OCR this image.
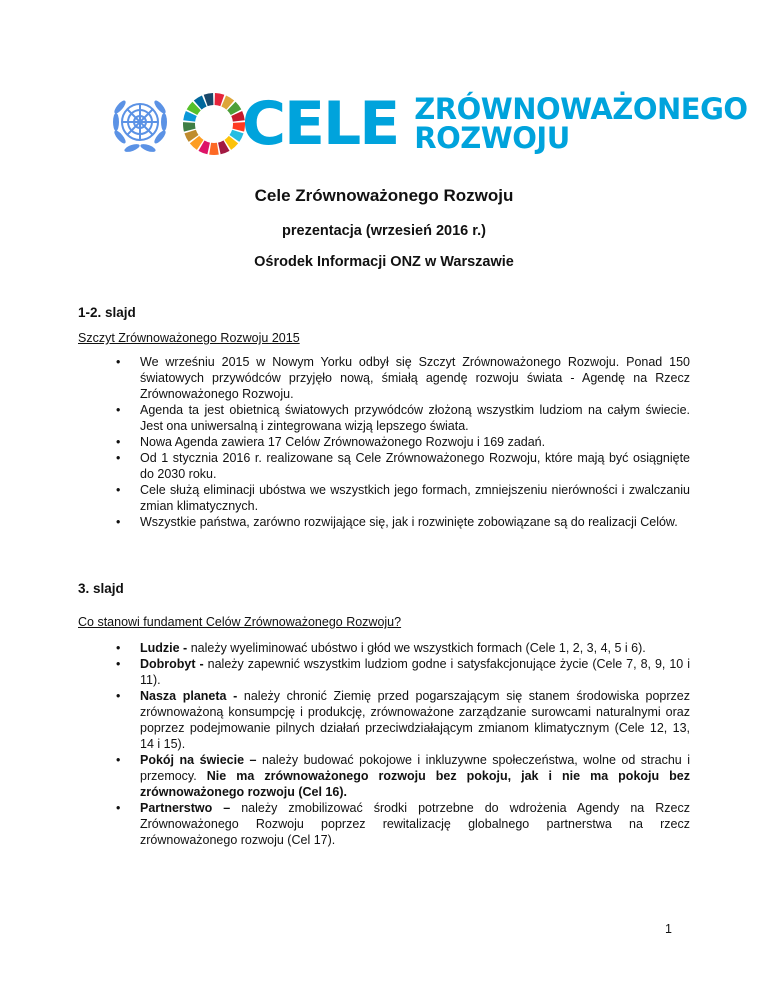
CELE ZRÓWNOWAŻONEGO
ROZWOJU
Cele Zrównoważonego Rozwoju
prezentacja (wrzesień 2016 r.)
Ośrodek Informacji ONZ w Warszawie
1-2. slajd
Szczyt Zrównoważonego Rozwoju 2015
• We wrześniu 2015 w Nowym Yorku odbył się Szczyt Zrównoważonego Rozwoju. Ponad 150 światowych przywódców przyjęło nową, śmiałą agendę rozwoju świata - Agendę na Rzecz Zrównoważonego Rozwoju.
• Agenda ta jest obietnicą światowych przywódców złożoną wszystkim ludziom na całym świecie. Jest ona uniwersalną i zintegrowana wizją lepszego świata.
• Nowa Agenda zawiera 17 Celów Zrównoważonego Rozwoju i 169 zadań.
• Od 1 stycznia 2016 r. realizowane są Cele Zrównoważonego Rozwoju, które mają być osiągnięte do 2030 roku.
• Cele służą eliminacji ubóstwa we wszystkich jego formach, zmniejszeniu nierówności i zwalczaniu zmian klimatycznych.
• Wszystkie państwa, zarówno rozwijające się, jak i rozwinięte zobowiązane są do realizacji Celów.
3. slajd
Co stanowi fundament Celów Zrównoważonego Rozwoju?
• Ludzie - należy wyeliminować ubóstwo i głód we wszystkich formach (Cele 1, 2, 3, 4, 5 i 6).
• Dobrobyt - należy zapewnić wszystkim ludziom godne i satysfakcjonujące życie (Cele 7, 8, 9, 10 i 11).
• Nasza planeta - należy chronić Ziemię przed pogarszającym się stanem środowiska poprzez zrównoważoną konsumpcję i produkcję, zrównoważone zarządzanie surowcami naturalnymi oraz poprzez podejmowanie pilnych działań przeciwdziałającym zmianom klimatycznym (Cele 12, 13, 14 i 15).
• Pokój na świecie – należy budować pokojowe i inkluzywne społeczeństwa, wolne od strachu i przemocy. Nie ma zrównoważonego rozwoju bez pokoju, jak i nie ma pokoju bez zrównoważonego rozwoju (Cel 16).
• Partnerstwo – należy zmobilizować środki potrzebne do wdrożenia Agendy na Rzecz Zrównoważonego Rozwoju poprzez rewitalizację globalnego partnerstwa na rzecz zrównoważonego rozwoju (Cel 17).
1
